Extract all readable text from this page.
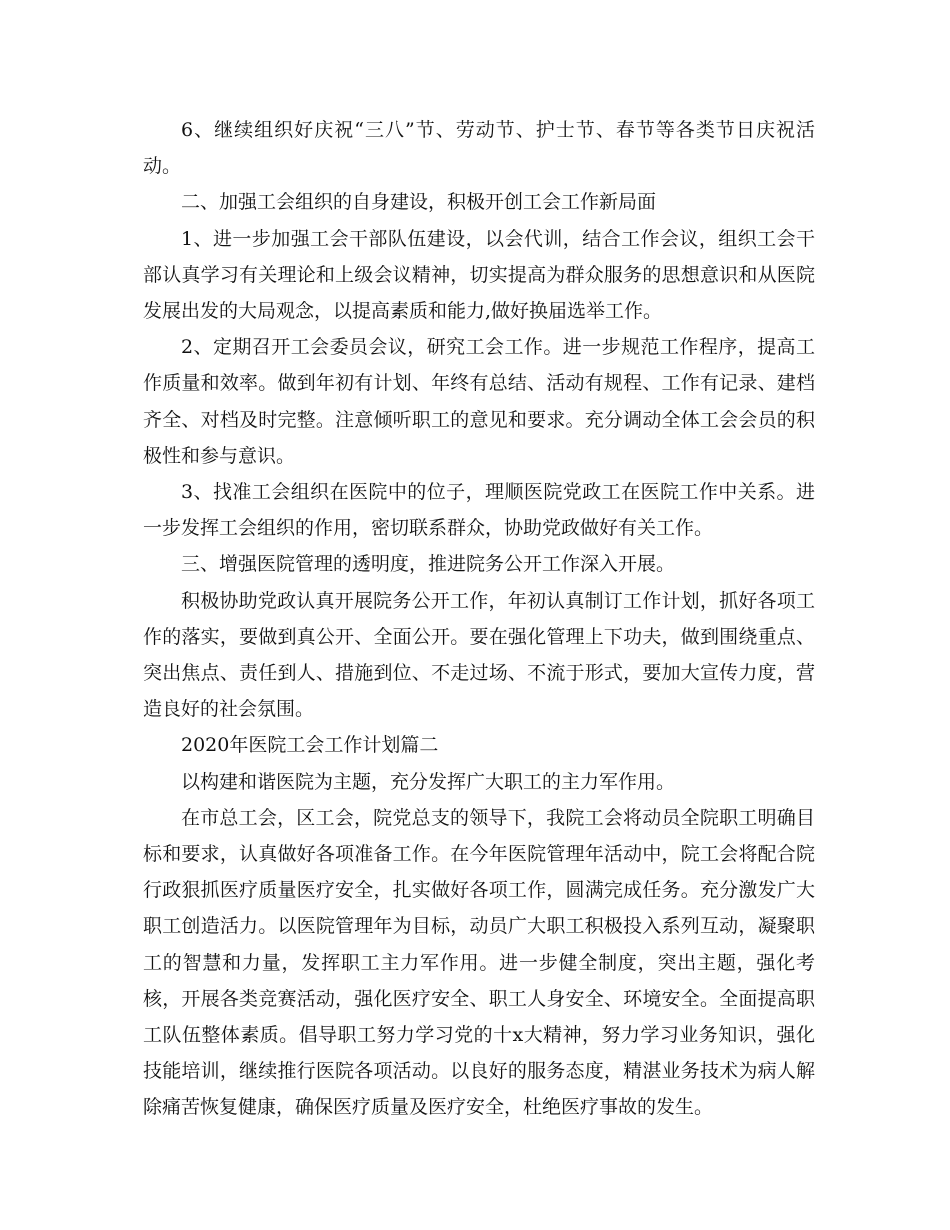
6、继续组织好庆祝“三八”节、劳动节、护士节、春节等各类节日庆祝活动。

二、加强工会组织的自身建设，积极开创工会工作新局面

1、进一步加强工会干部队伍建设，以会代训，结合工作会议，组织工会干部认真学习有关理论和上级会议精神，切实提高为群众服务的思想意识和从医院发展出发的大局观念，以提高素质和能力,做好换届选举工作。

2、定期召开工会委员会议，研究工会工作。进一步规范工作程序，提高工作质量和效率。做到年初有计划、年终有总结、活动有规程、工作有记录、建档齐全、对档及时完整。注意倾听职工的意见和要求。充分调动全体工会会员的积极性和参与意识。

3、找准工会组织在医院中的位子，理顺医院党政工在医院工作中关系。进一步发挥工会组织的作用，密切联系群众，协助党政做好有关工作。

三、增强医院管理的透明度，推进院务公开工作深入开展。

积极协助党政认真开展院务公开工作，年初认真制订工作计划，抓好各项工作的落实，要做到真公开、全面公开。要在强化管理上下功夫，做到围绕重点、突出焦点、责任到人、措施到位、不走过场、不流于形式，要加大宣传力度，营造良好的社会氛围。

2020年医院工会工作计划篇二

以构建和谐医院为主题，充分发挥广大职工的主力军作用。

在市总工会，区工会，院党总支的领导下，我院工会将动员全院职工明确目标和要求，认真做好各项准备工作。在今年医院管理年活动中，院工会将配合院行政狠抓医疗质量医疗安全，扎实做好各项工作，圆满完成任务。充分激发广大职工创造活力。以医院管理年为目标，动员广大职工积极投入系列互动，凝聚职工的智慧和力量，发挥职工主力军作用。进一步健全制度，突出主题，强化考核，开展各类竞赛活动，强化医疗安全、职工人身安全、环境安全。全面提高职工队伍整体素质。倡导职工努力学习党的十x大精神，努力学习业务知识，强化技能培训，继续推行医院各项活动。以良好的服务态度，精湛业务技术为病人解除痛苦恢复健康，确保医疗质量及医疗安全，杜绝医疗事故的发生。
